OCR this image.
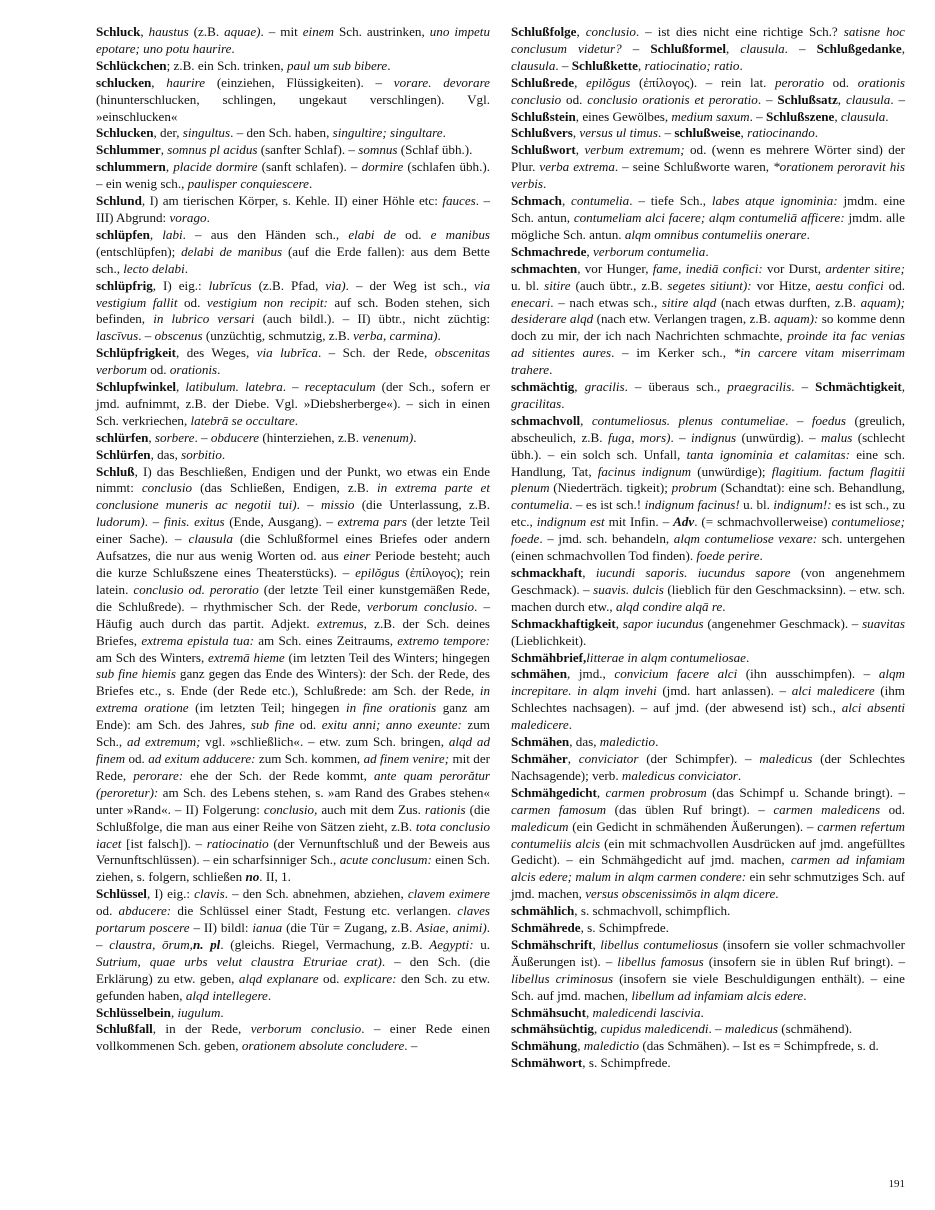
Schluck, haustus (z.B. aquae). – mit einem Sch. austrinken, uno impetu epotare; uno potu haurire.

Schlückchen; z.B. ein Sch. trinken, paul um sub bibere.

schlucken, haurire (einziehen, Flüssigkeiten). – vorare. devorare (hinunterschlucken, schlingen, ungekaut verschlingen). Vgl. »einschlucken«

Schlucken, der, singultus. – den Sch. haben, singultire; singultare.

Schlummer, somnus pl acidus (sanfter Schlaf). – somnus (Schlaf übh.).

schlummern, placide dormire (sanft schlafen). – dormire (schlafen übh.). – ein wenig sch., paulisper conquiescere.

Schlund, I) am tierischen Körper, s. Kehle. II) einer Höhle etc: fauces. – III) Abgrund: vorago.

schlüpfen, labi. – aus den Händen sch., elabi de od. e manibus (entschlüpfen); delabi de manibus (auf die Erde fallen): aus dem Bette sch., lecto delabi.

schlüpfrig, I) eig.: lubrĭcus (z.B. Pfad, via). – der Weg ist sch., via vestigium fallit od. vestigium non recipit: auf sch. Boden stehen, sich befinden, in lubrico versari (auch bildl.). – II) übtr., nicht züchtig: lascīvus. – obscenus (unzüchtig, schmutzig, z.B. verba, carmina).

Schlüpfrigkeit, des Weges, via lubrĭca. – Sch. der Rede, obscenitas verborum od. orationis.

Schlupfwinkel, latibulum. latebra. – receptaculum (der Sch., sofern er jmd. aufnimmt, z.B. der Diebe. Vgl. »Diebsherberge«). – sich in einen Sch. verkriechen, latebrā se occultare.

schlürfen, sorbere. – obducere (hinterziehen, z.B. venenum).

Schlürfen, das, sorbitio.

Schluß, I) das Beschließen, Endigen und der Punkt, wo etwas ein Ende nimmt: conclusio (das Schließen, Endigen, z.B. in extrema parte et conclusione muneris ac negotii tui). – missio (die Unterlassung, z.B. ludorum). – finis. exitus (Ende, Ausgang). – extrema pars (der letzte Teil einer Sache). – clausula (die Schlußformel eines Briefes oder andern Aufsatzes, die nur aus wenig Worten od. aus einer Periode besteht; auch die kurze Schlußszene eines Theaterstücks). – epilŏgus (ἐπίλογος); rein latein. conclusio od. peroratio (der letzte Teil einer kunstgemäßen Rede, die Schlußrede). – rhythmischer Sch. der Rede, verborum conclusio. – Häufig auch durch das partit. Adjekt. extremus, z.B. der Sch. deines Briefes, extrema epistula tua: am Sch. eines Zeitraums, extremo tempore: am Sch des Winters, extremā hieme (im letzten Teil des Winters; hingegen sub fine hiemis ganz gegen das Ende des Winters): der Sch. der Rede, des Briefes etc., s. Ende (der Rede etc.), Schlußrede: am Sch. der Rede, in extrema oratione (im letzten Teil; hingegen in fine orationis ganz am Ende): am Sch. des Jahres, sub fine od. exitu anni; anno exeunte: zum Sch., ad extremum; vgl. »schließlich«. – etw. zum Sch. bringen, alqd ad finem od. ad exitum adducere: zum Sch. kommen, ad finem venire; mit der Rede, perorare: ehe der Sch. der Rede kommt, ante quam perorătur (peroretur): am Sch. des Lebens stehen, s. »am Rand des Grabes stehen« unter »Rand«. – II) Folgerung: conclusio, auch mit dem Zus. rationis (die Schlußfolge, die man aus einer Reihe von Sätzen zieht, z.B. tota conclusio iacet [ist falsch]). – ratiocinatio (der Vernunftschluß und der Beweis aus Vernunftschlüssen). – ein scharfsinniger Sch., acute conclusum: einen Sch. ziehen, s. folgern, schließen no. II, 1.

Schlüssel, I) eig.: clavis. – den Sch. abnehmen, abziehen, clavem eximere od. abducere: die Schlüssel einer Stadt, Festung etc. verlangen. claves portarum poscere – II) bildl: ianua (die Tür = Zugang, z.B. Asiae, animi). – claustra, ōrum,n. pl. (gleichs. Riegel, Vermachung, z.B. Aegypti: u. Sutrium, quae urbs velut claustra Etruriae crat). – den Sch. (die Erklärung) zu etw. geben, alqd explanare od. explicare: den Sch. zu etw. gefunden haben, alqd intellegere.

Schlüsselbein, iugulum.

Schlußfall, in der Rede, verborum conclusio. – einer Rede einen vollkommenen Sch. geben, orationem absolute concludere. –

Schlußfolge, conclusio. – ist dies nicht eine richtige Sch.? satisne hoc conclusum videtur? – Schlußformel, clausula. – Schlußgedanke, clausula. – Schlußkette, ratiocinatio; ratio.

Schlußrede, epilŏgus (ἐπίλογος). – rein lat. peroratio od. orationis conclusio od. conclusio orationis et peroratio. – Schlußsatz, clausula. – Schlußstein, eines Gewölbes, medium saxum. – Schlußszene, clausula.

Schlußvers, versus ul timus. – schlußweise, ratiocinando.

Schlußwort, verbum extremum; od. (wenn es mehrere Wörter sind) der Plur. verba extrema. – seine Schlußworte waren, *orationem peroravit his verbis.

Schmach, contumelia. – tiefe Sch., labes atque ignominia: jmdm. eine Sch. antun, contumeliam alci facere; alqm contumeliā afficere: jmdm. alle mögliche Sch. antun. alqm omnibus contumeliis onerare.

Schmachrede, verborum contumelia.

schmachten, vor Hunger, fame, inediā confici: vor Durst, ardenter sitire; u. bl. sitire (auch übtr., z.B. segetes sitiunt): vor Hitze, aestu confici od. enecari. – nach etwas sch., sitire alqd (nach etwas durften, z.B. aquam); desiderare alqd (nach etw. Verlangen tragen, z.B. aquam): so komme denn doch zu mir, der ich nach Nachrichten schmachte, proinde ita fac venias ad sitientes aures. – im Kerker sch., *in carcere vitam miserrimam trahere.

schmächtig, gracilis. – überaus sch., praegracilis. – Schmächtigkeit, gracilitas.

schmachvoll, contumeliosus. plenus contumeliae. – foedus (greulich, abscheulich, z.B. fuga, mors). – indignus (unwürdig). – malus (schlecht übh.). – ein solch sch. Unfall, tanta ignominia et calamitas: eine sch. Handlung, Tat, facinus indignum (unwürdige); flagitium. factum flagitii plenum (Niederträch. tigkeit); probrum (Schandtat): eine sch. Behandlung, contumelia. – es ist sch.! indignum facinus! u. bl. indignum!: es ist sch., zu etc., indignum est mit Infin. – Adv. (= schmachvollerweise) contumeliose; foede. – jmd. sch. behandeln, alqm contumeliose vexare: sch. untergehen (einen schmachvollen Tod finden). foede perire.

schmackhaft, iucundi saporis. iucundus sapore (von angenehmem Geschmack). – suavis. dulcis (lieblich für den Geschmacksinn). – etw. sch. machen durch etw., alqd condire alqā re.

Schmackhaftigkeit, sapor iucundus (angenehmer Geschmack). – suavitas (Lieblichkeit).

Schmähbrief,litterae in alqm contumeliosae.

schmähen, jmd., convicium facere alci (ihn ausschimpfen). – alqm increpitare. in alqm invehi (jmd. hart anlassen). – alci maledicere (ihm Schlechtes nachsagen). – auf jmd. (der abwesend ist) sch., alci absenti maledicere.

Schmähen, das, maledictio.

Schmäher, conviciator (der Schimpfer). – maledicus (der Schlechtes Nachsagende); verb. maledicus conviciator.

Schmähgedicht, carmen probrosum (das Schimpf u. Schande bringt). – carmen famosum (das üblen Ruf bringt). – carmen maledicens od. maledicum (ein Gedicht in schmähenden Äußerungen). – carmen refertum contumeliis alcis (ein mit schmachvollen Ausdrücken auf jmd. angefülltes Gedicht). – ein Schmähgedicht auf jmd. machen, carmen ad infamiam alcis edere; malum in alqm carmen condere: ein sehr schmutziges Sch. auf jmd. machen, versus obscenissimōs in alqm dicere.

schmählich, s. schmachvoll, schimpflich.

Schmährede, s. Schimpfrede.

Schmähschrift, libellus contumeliosus (insofern sie voller schmachvoller Äußerungen ist). – libellus famosus (insofern sie in üblen Ruf bringt). – libellus criminosus (insofern sie viele Beschuldigungen enthält). – eine Sch. auf jmd. machen, libellum ad infamiam alcis edere.

Schmähsucht, maledicendi lascivia.

schmähsüchtig, cupidus maledicendi. – maledicus (schmähend).

Schmähung, maledictio (das Schmähen). – Ist es = Schimpfrede, s. d.

Schmähwort, s. Schimpfrede.

191
